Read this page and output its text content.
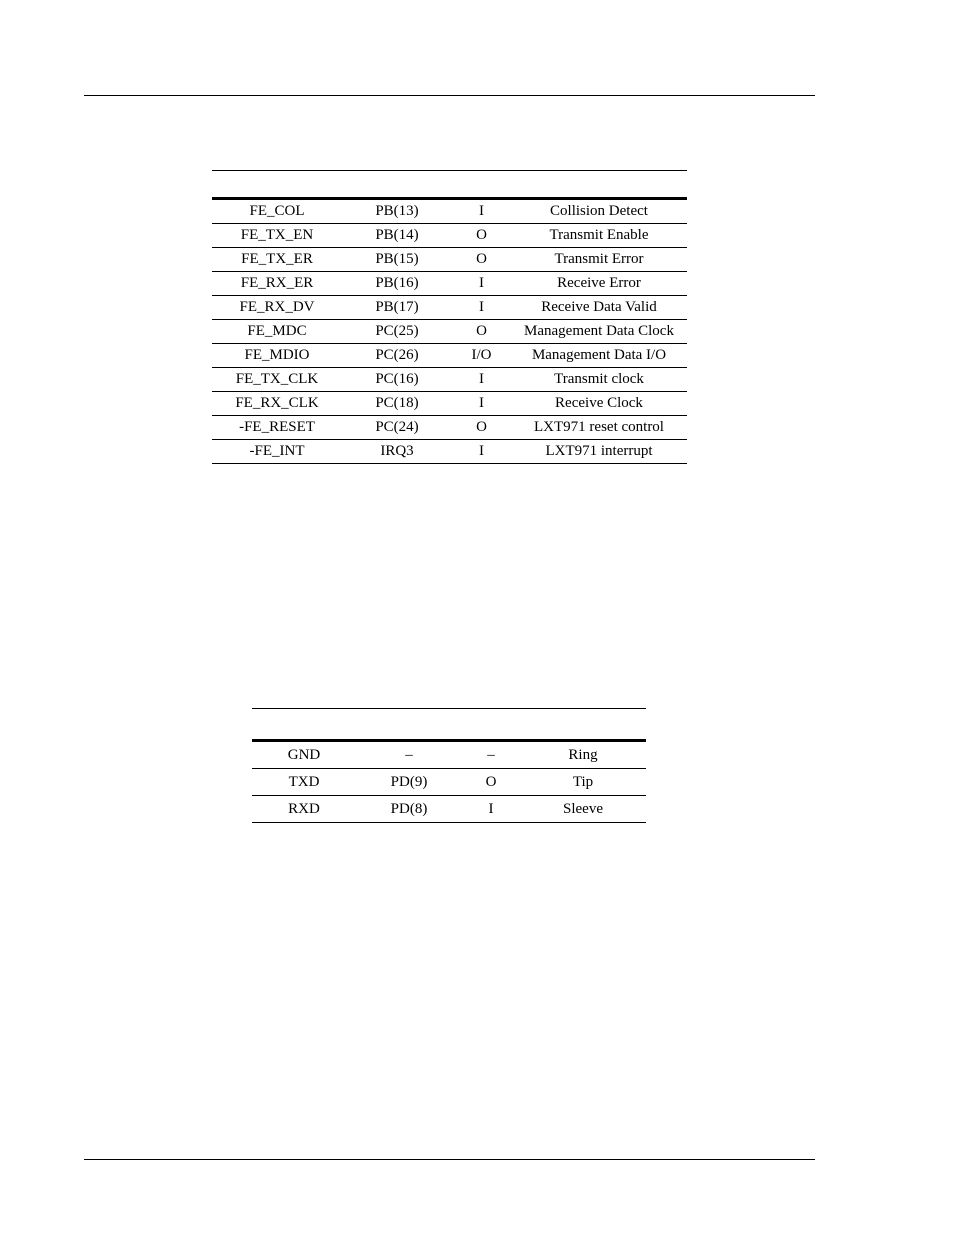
FE_COL	PB(13)	I	Collision Detect
FE_TX_EN	PB(14)	O	Transmit Enable
FE_TX_ER	PB(15)	O	Transmit Error
FE_RX_ER	PB(16)	I	Receive Error
FE_RX_DV	PB(17)	I	Receive Data Valid
FE_MDC	PC(25)	O	Management Data Clock
FE_MDIO	PC(26)	I/O	Management Data I/O
FE_TX_CLK	PC(16)	I	Transmit clock
FE_RX_CLK	PC(18)	I	Receive Clock
-FE_RESET	PC(24)	O	LXT971 reset control
-FE_INT	IRQ3	I	LXT971 interrupt

GND	–	–	Ring
TXD	PD(9)	O	Tip
RXD	PD(8)	I	Sleeve
